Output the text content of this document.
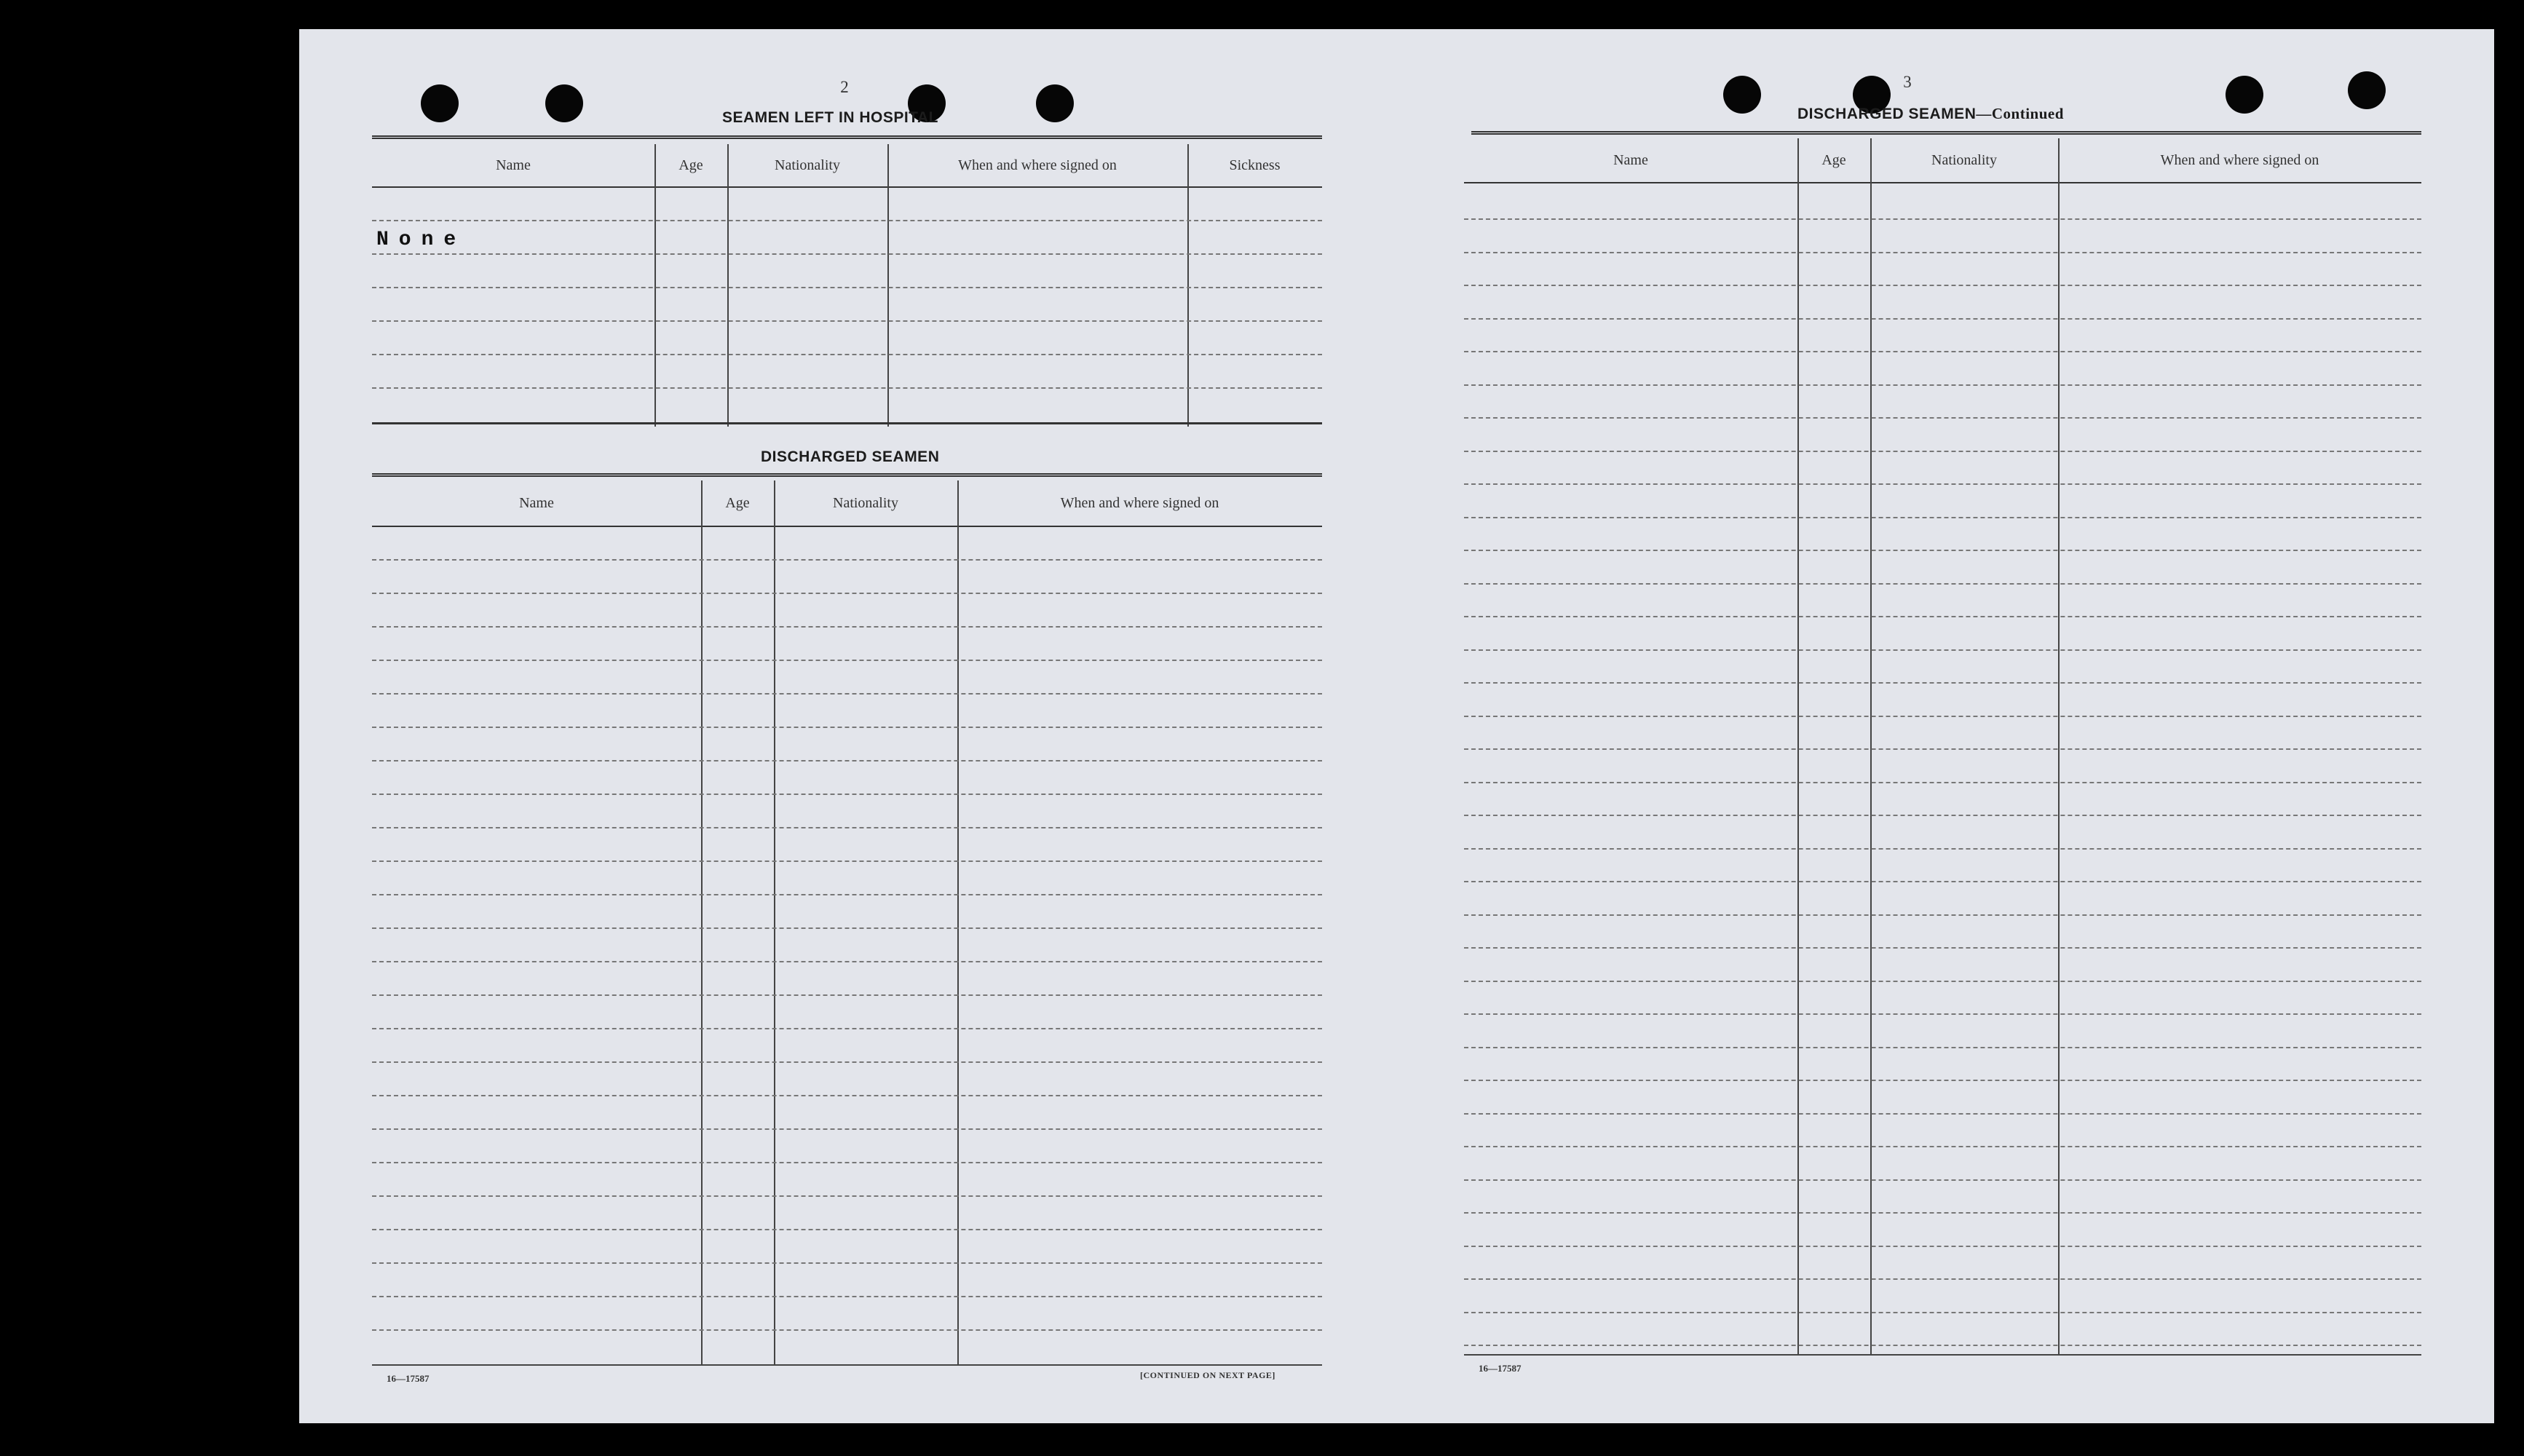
2
SEAMEN LEFT IN HOSPITAL
Name	Age	Nationality	When and where signed on	Sickness
None
DISCHARGED SEAMEN
Name	Age	Nationality	When and where signed on
16—17587	[CONTINUED ON NEXT PAGE]
3
DISCHARGED SEAMEN—Continued
Name	Age	Nationality	When and where signed on
16—17587
